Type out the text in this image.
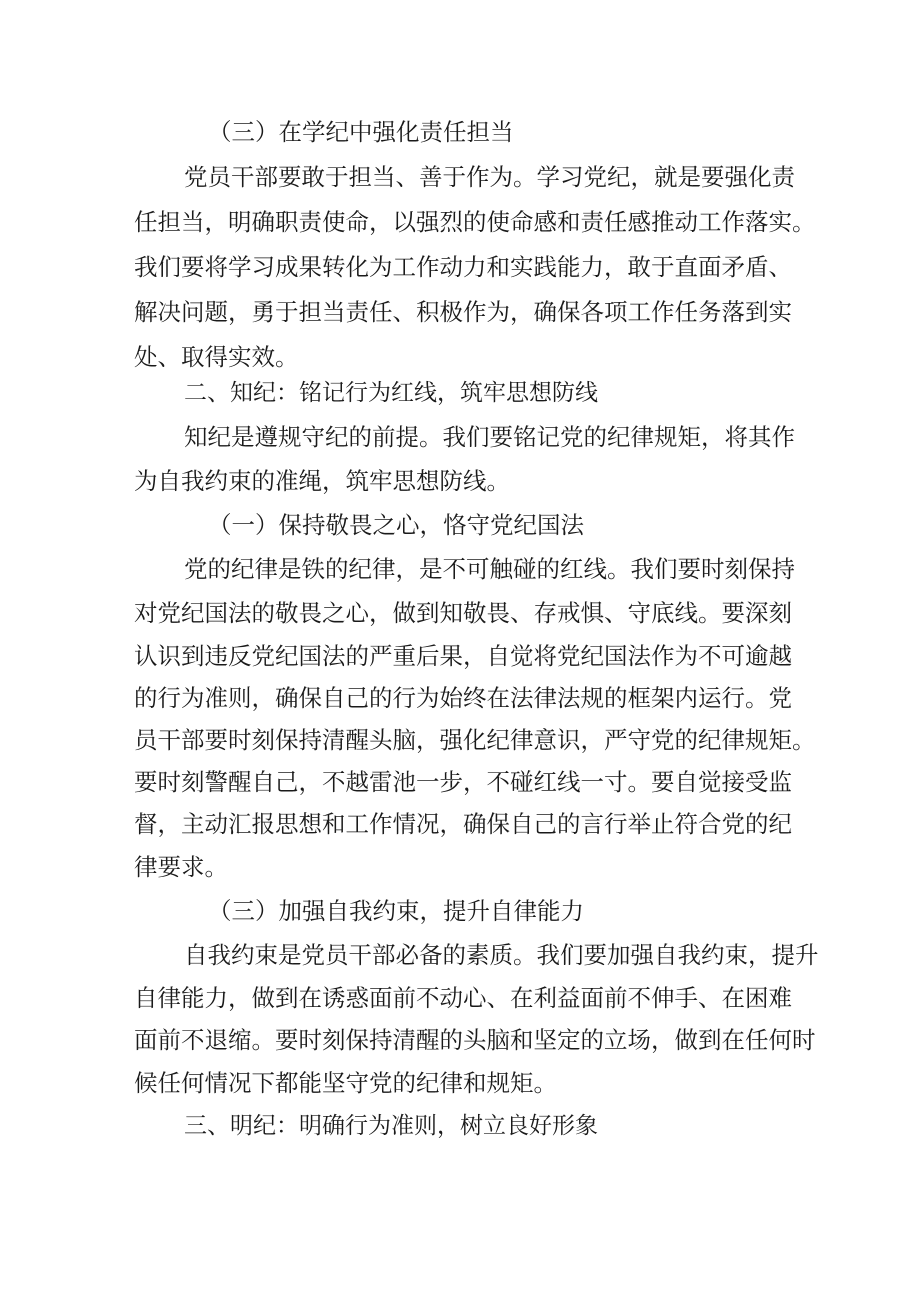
（三）在学纪中强化责任担当
党员干部要敢于担当、善于作为。学习党纪，就是要强化责
任担当，明确职责使命，以强烈的使命感和责任感推动工作落实。
我们要将学习成果转化为工作动力和实践能力，敢于直面矛盾、
解决问题，勇于担当责任、积极作为，确保各项工作任务落到实
处、取得实效。
二、知纪：铭记行为红线，筑牢思想防线
知纪是遵规守纪的前提。我们要铭记党的纪律规矩，将其作
为自我约束的准绳，筑牢思想防线。
（一）保持敬畏之心，恪守党纪国法
党的纪律是铁的纪律，是不可触碰的红线。我们要时刻保持
对党纪国法的敬畏之心，做到知敬畏、存戒惧、守底线。要深刻
认识到违反党纪国法的严重后果，自觉将党纪国法作为不可逾越
的行为准则，确保自己的行为始终在法律法规的框架内运行。党
员干部要时刻保持清醒头脑，强化纪律意识，严守党的纪律规矩。
要时刻警醒自己，不越雷池一步，不碰红线一寸。要自觉接受监
督，主动汇报思想和工作情况，确保自己的言行举止符合党的纪
律要求。
（三）加强自我约束，提升自律能力
自我约束是党员干部必备的素质。我们要加强自我约束，提升
自律能力，做到在诱惑面前不动心、在利益面前不伸手、在困难
面前不退缩。要时刻保持清醒的头脑和坚定的立场，做到在任何时
候任何情况下都能坚守党的纪律和规矩。
三、明纪：明确行为准则，树立良好形象
